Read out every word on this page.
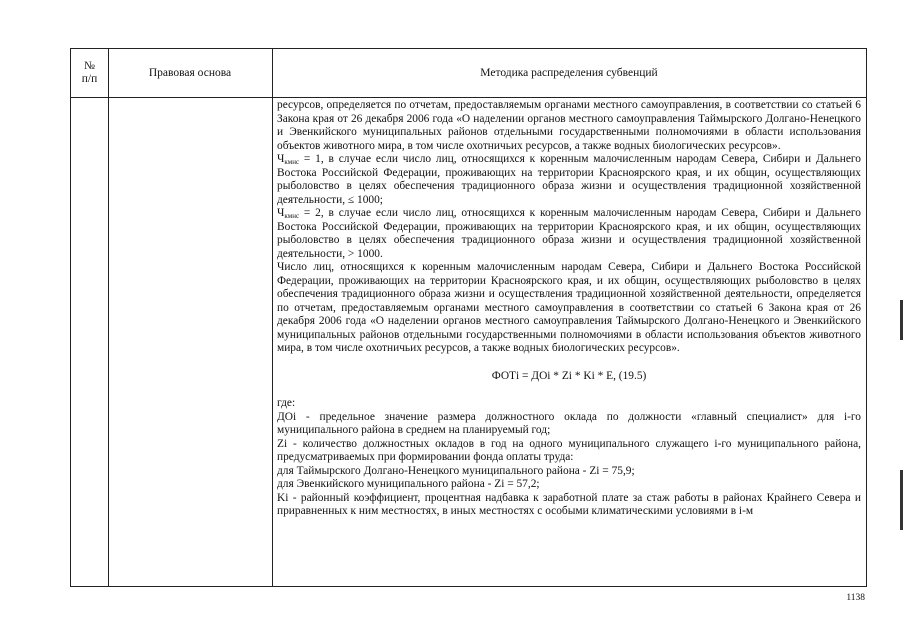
№
п/п
Правовая основа	Методика распределения субвенций

ресурсов, определяется по отчетам, предоставляемым органами местного самоуправления, в соответствии со статьей 6 Закона края от 26 декабря 2006 года «О наделении органов местного самоуправления Таймырского Долгано-Ненецкого и Эвенкийского муниципальных районов отдельными государственными полномочиями в области использования объектов животного мира, в том числе охотничьих ресурсов, а также водных биологических ресурсов».

$Ч_{кмнс} = 1$, в случае если число лиц, относящихся к коренным малочисленным народам Севера, Сибири и Дальнего Востока Российской Федерации, проживающих на территории Красноярского края, и их общин, осуществляющих рыболовство в целях обеспечения традиционного образа жизни и осуществления традиционной хозяйственной деятельности, ≤ 1000;

$Ч_{кмнс} = 2$, в случае если число лиц, относящихся к коренным малочисленным народам Севера, Сибири и Дальнего Востока Российской Федерации, проживающих на территории Красноярского края, и их общин, осуществляющих рыболовство в целях обеспечения традиционного образа жизни и осуществления традиционной хозяйственной деятельности, > 1000.

Число лиц, относящихся к коренным малочисленным народам Севера, Сибири и Дальнего Востока Российской Федерации, проживающих на территории Красноярского края, и их общин, осуществляющих рыболовство в целях обеспечения традиционного образа жизни и осуществления традиционной хозяйственной деятельности, определяется по отчетам, предоставляемым органами местного самоуправления в соответствии со статьей 6 Закона края от 26 декабря 2006 года «О наделении органов местного самоуправления Таймырского Долгано-Ненецкого и Эвенкийского муниципальных районов отдельными государственными полномочиями в области использования объектов животного мира, в том числе охотничьих ресурсов, а также водных биологических ресурсов».

ФОТi = ДОi * Zi * Ki * E, (19.5)

где:

ДОi - предельное значение размера должностного оклада по должности «главный специалист» для i-го муниципального района в среднем на планируемый год;

Zi - количество должностных окладов в год на одного муниципального служащего i-го муниципального района, предусматриваемых при формировании фонда оплаты труда:

для Таймырского Долгано-Ненецкого муниципального района - Zi = 75,9;

для Эвенкийского муниципального района - Zi = 57,2;

Ki - районный коэффициент, процентная надбавка к заработной плате за стаж работы в районах Крайнего Севера и приравненных к ним местностях, в иных местностях с особыми климатическими условиями в i-м

1138
